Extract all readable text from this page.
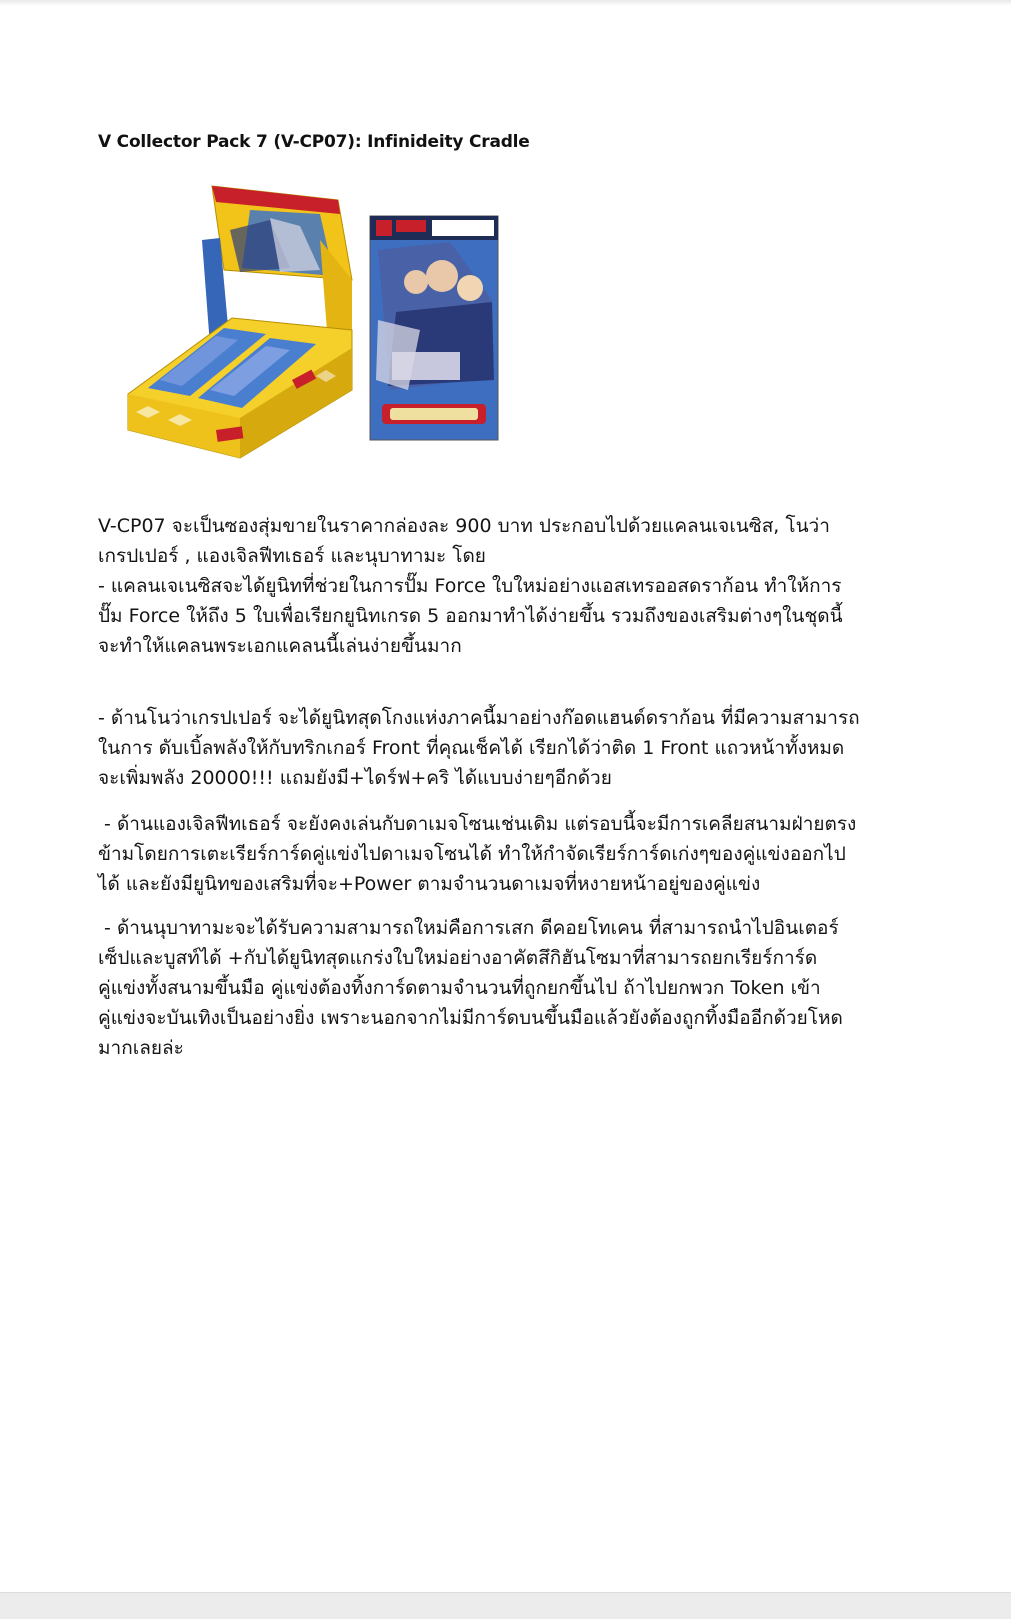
V Collector Pack 7 (V-CP07): Infinideity Cradle
V-CP07 จะเป็นซองสุ่มขายในราคากล่องละ 900 บาท ประกอบไปด้วยแคลนเจเนซิส, โนว่า
เกรปเปอร์ , แองเจิลฟีทเธอร์ และนุบาทามะ โดย
- แคลนเจเนซิสจะได้ยูนิทที่ช่วยในการปั๊ม Force ใบใหม่อย่างแอสเทรออสดราก้อน ทำให้การ
ปั๊ม Force ให้ถึง 5 ใบเพื่อเรียกยูนิทเกรด 5 ออกมาทำได้ง่ายขึ้น รวมถึงของเสริมต่างๆในชุดนี้
จะทำให้แคลนพระเอกแคลนนี้เล่นง่ายขึ้นมาก
- ด้านโนว่าเกรปเปอร์ จะได้ยูนิทสุดโกงแห่งภาคนี้มาอย่างก๊อดแฮนด์ดราก้อน ที่มีความสามารถ
ในการ ดับเบิ้ลพลังให้กับทริกเกอร์ Front ที่คุณเช็คได้ เรียกได้ว่าติด 1 Front แถวหน้าทั้งหมด
จะเพิ่มพลัง 20000!!! แถมยังมี+ไดร์ฟ+คริ ได้แบบง่ายๆอีกด้วย
- ด้านแองเจิลฟีทเธอร์ จะยังคงเล่นกับดาเมจโซนเช่นเดิม แต่รอบนี้จะมีการเคลียสนามฝ่ายตรง
ข้ามโดยการเตะเรียร์การ์ดคู่แข่งไปดาเมจโซนได้ ทำให้กำจัดเรียร์การ์ดเก่งๆของคู่แข่งออกไป
ได้ และยังมียูนิทของเสริมที่จะ+Power ตามจำนวนดาเมจที่หงายหน้าอยู่ของคู่แข่ง
- ด้านนุบาทามะจะได้รับความสามารถใหม่คือการเสก ดีคอยโทเคน ที่สามารถนำไปอินเตอร์
เซ็ปและบูสท์ได้ +กับได้ยูนิทสุดแกร่งใบใหม่อย่างอาคัตสึกิฮันโซมาที่สามารถยกเรียร์การ์ด
คู่แข่งทั้งสนามขึ้นมือ คู่แข่งต้องทิ้งการ์ดตามจำนวนที่ถูกยกขึ้นไป ถ้าไปยกพวก Token เข้า
คู่แข่งจะบันเทิงเป็นอย่างยิ่ง เพราะนอกจากไม่มีการ์ดบนขึ้นมือแล้วยังต้องถูกทิ้งมืออีกด้วยโหด
มากเลยล่ะ
